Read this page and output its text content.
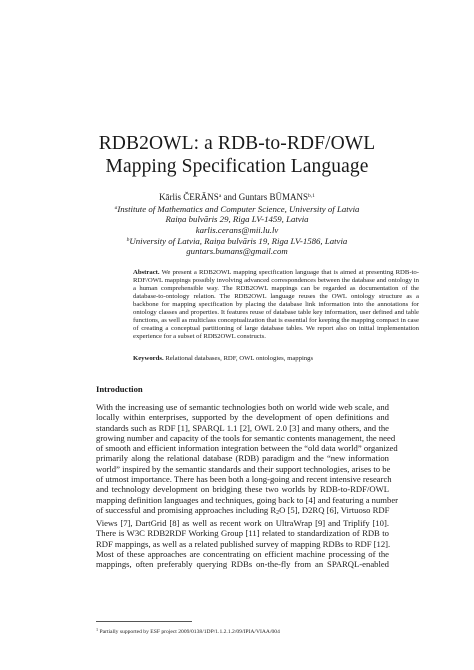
RDB2OWL: a RDB-to-RDF/OWL
Mapping Specification Language
Kārlis ČERĀNS$^a$ and Guntars BŪMANS$^{b,1}$
$^a$Institute of Mathematics and Computer Science, University of Latvia
Raiņa bulvāris 29, Riga LV-1459, Latvia
karlis.cerans@mii.lu.lv
$^b$University of Latvia, Raiņa bulvāris 19, Riga LV-1586, Latvia
guntars.bumans@gmail.com
Abstract. We present a RDB2OWL mapping specification language that is aimed at presenting RDB-to-RDF/OWL mappings possibly involving advanced correspondences between the database and ontology in a human comprehensible way. The RDB2OWL mappings can be regarded as documentation of the database-to-ontology relation. The RDB2OWL language reuses the OWL ontology structure as a backbone for mapping specification by placing the database link information into the annotations for ontology classes and properties. It features reuse of database table key information, user defined and table functions, as well as multiclass conceptualization that is essential for keeping the mapping compact in case of creating a conceptual partitioning of large database tables. We report also on initial implementation experience for a subset of RDB2OWL constructs.
Keywords. Relational databases, RDF, OWL ontologies, mappings
Introduction
With the increasing use of semantic technologies both on world wide web scale, and
locally within enterprises, supported by the development of open definitions and
standards such as RDF [1], SPARQL 1.1 [2], OWL 2.0 [3] and many others, and the
growing number and capacity of the tools for semantic contents management, the need
of smooth and efficient information integration between the “old data world” organized
primarily along the relational database (RDB) paradigm and the “new information
world” inspired by the semantic standards and their support technologies, arises to be
of utmost importance. There has been both a long-going and recent intensive research
and technology development on bridging these two worlds by RDB-to-RDF/OWL
mapping definition languages and techniques, going back to [4] and featuring a number
of successful and promising approaches including $R_2O$ [5], D2RQ [6], Virtuoso RDF
Views [7], DartGrid [8] as well as recent work on UltraWrap [9] and Triplify [10].
There is W3C RDB2RDF Working Group [11] related to standardization of RDB to
RDF mappings, as well as a related published survey of mapping RDBs to RDF [12].
Most of these approaches are concentrating on efficient machine processing of the
mappings, often preferably querying RDBs on-the-fly from an SPARQL-enabled
$^1$ Partially supported by ESF project 2009/0138/1DP/1.1.2.1.2/09/IPIA/VIAA/004
